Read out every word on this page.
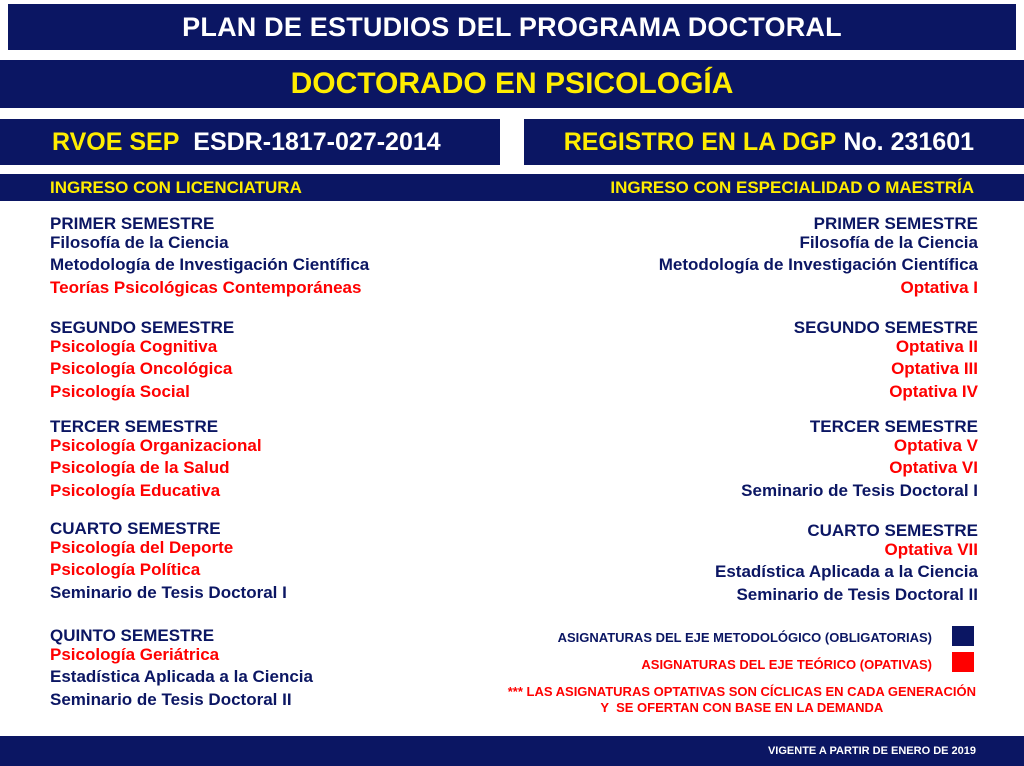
PLAN DE ESTUDIOS DEL PROGRAMA DOCTORAL
DOCTORADO EN PSICOLOGÍA
RVOE SEP
ESDR-1817-027-2014	REGISTRO EN LA DGP
No. 231601
INGRESO CON LICENCIATURA	INGRESO CON ESPECIALIDAD O MAESTRÍA
PRIMER SEMESTRE
Filosofía de la Ciencia
Metodología de Investigación Científica
Teorías Psicológicas Contemporáneas
SEGUNDO SEMESTRE
Psicología Cognitiva
Psicología Oncológica
Psicología Social
TERCER SEMESTRE
Psicología Organizacional
Psicología de la Salud
Psicología Educativa
CUARTO SEMESTRE
Psicología del Deporte
Psicología Política
Seminario de Tesis Doctoral I
QUINTO SEMESTRE
Psicología Geriátrica
Estadística Aplicada a la Ciencia
Seminario de Tesis Doctoral II
PRIMER SEMESTRE
Filosofía de la Ciencia
Metodología de Investigación Científica
Optativa I
SEGUNDO SEMESTRE
Optativa II
Optativa III
Optativa IV
TERCER SEMESTRE
Optativa V
Optativa VI
Seminario de Tesis Doctoral I
CUARTO SEMESTRE
Optativa VII
Estadística Aplicada a la Ciencia
Seminario de Tesis Doctoral II
ASIGNATURAS DEL EJE METODOLÓGICO (OBLIGATORIAS)
ASIGNATURAS DEL EJE TEÓRICO (OPATIVAS)
*** LAS ASIGNATURAS OPTATIVAS SON CÍCLICAS EN CADA GENERACIÓN
Y  SE OFERTAN CON BASE EN LA DEMANDA
VIGENTE A PARTIR DE ENERO DE 2019
